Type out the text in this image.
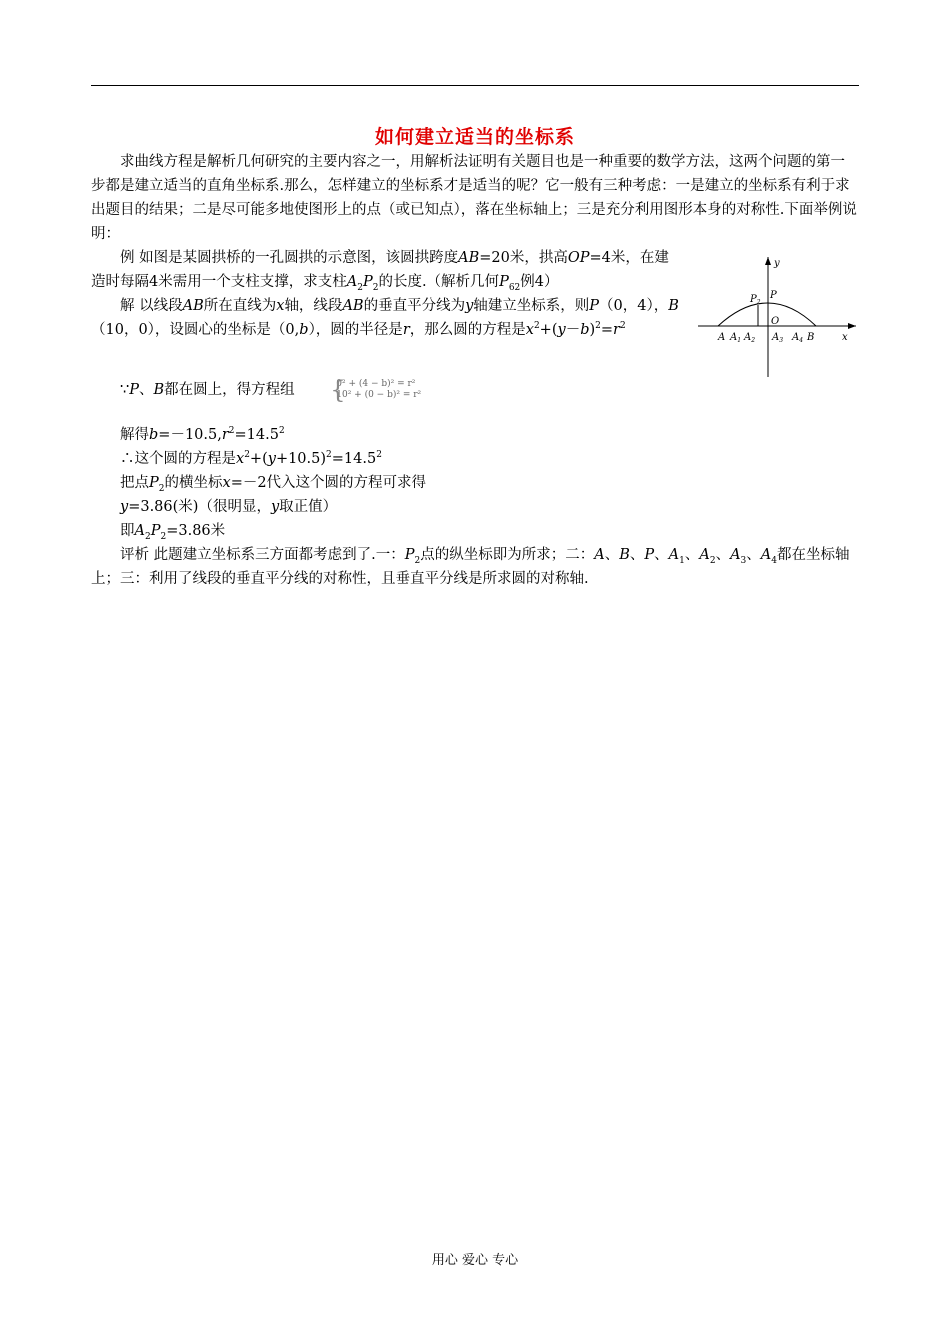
如何建立适当的坐标系

求曲线方程是解析几何研究的主要内容之一，用解析法证明有关题目也是一种重要的数学方法，这两个问题的第一步都是建立适当的直角坐标系.那么，怎样建立的坐标系才是适当的呢？它一般有三种考虑：一是建立的坐标系有利于求出题目的结果；二是尽可能多地使图形上的点（或已知点），落在坐标轴上；三是充分利用图形本身的对称性.下面举例说明：

例 如图是某圆拱桥的一孔圆拱的示意图，该圆拱跨度AB=20米，拱高OP=4米，在建造时每隔4米需用一个支柱支撑，求支柱$A_2P_2$的长度.（解析几何$P_{62}$例4）

解 以线段AB所在直线为x轴，线段AB的垂直平分线为y轴建立坐标系，则P（0，4），B（10，0），设圆心的坐标是（0,b），圆的半径是r，那么圆的方程是$x^2+(y-b)^2=r^2$

y
x
$P_2$
P
O
A $A_1$ $A_2$ $A_3$ $A_4$ B

∵P、B都在圆上，得方程组	{
0² + (4 − b)² = r²
10² + (0 − b)² = r²

解得$b=-10.5,r^2=14.5^2$

∴这个圆的方程是$x^2+(y+10.5)^2=14.5^2$

把点$P_2$的横坐标x=－2代入这个圆的方程可求得

y=3.86(米)（很明显，y取正值）

即$A_2P_2=3.86$米

评析 此题建立坐标系三方面都考虑到了.一：$P_2$点的纵坐标即为所求；二：A、B、P、$A_1$、$A_2$、$A_3$、$A_4$都在坐标轴上；三：利用了线段的垂直平分线的对称性，且垂直平分线是所求圆的对称轴.

用心 爱心 专心
